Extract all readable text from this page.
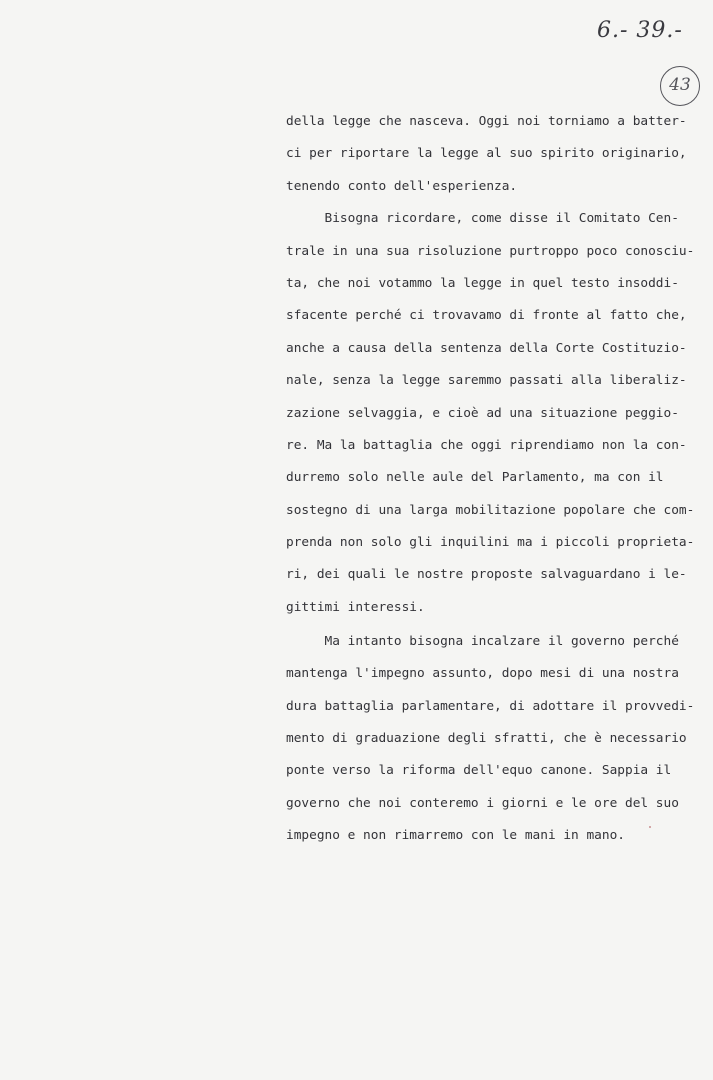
6.- 39.-
43
della legge che nasceva. Oggi noi torniamo a batter-
ci per riportare la legge al suo spirito originario,
tenendo conto dell'esperienza.
Bisogna ricordare, come disse il Comitato Cen-
trale in una sua risoluzione purtroppo poco conosciu-
ta, che noi votammo la legge in quel testo insoddi-
sfacente perché ci trovavamo di fronte al fatto che,
anche a causa della sentenza della Corte Costituzio-
nale, senza la legge saremmo passati alla liberaliz-
zazione selvaggia, e cioè ad una situazione peggio-
re. Ma la battaglia che oggi riprendiamo non la con-
durremo solo nelle aule del Parlamento, ma con il
sostegno di una larga mobilitazione popolare che com-
prenda non solo gli inquilini ma i piccoli proprieta-
ri, dei quali le nostre proposte salvaguardano i le-
gittimi interessi.
Ma intanto bisogna incalzare il governo perché
mantenga l'impegno assunto, dopo mesi di una nostra
dura battaglia parlamentare, di adottare il provvedi-
mento di graduazione degli sfratti, che è necessario
ponte verso la riforma dell'equo canone. Sappia il
governo che noi conteremo i giorni e le ore del suo
impegno e non rimarremo con le mani in mano.
